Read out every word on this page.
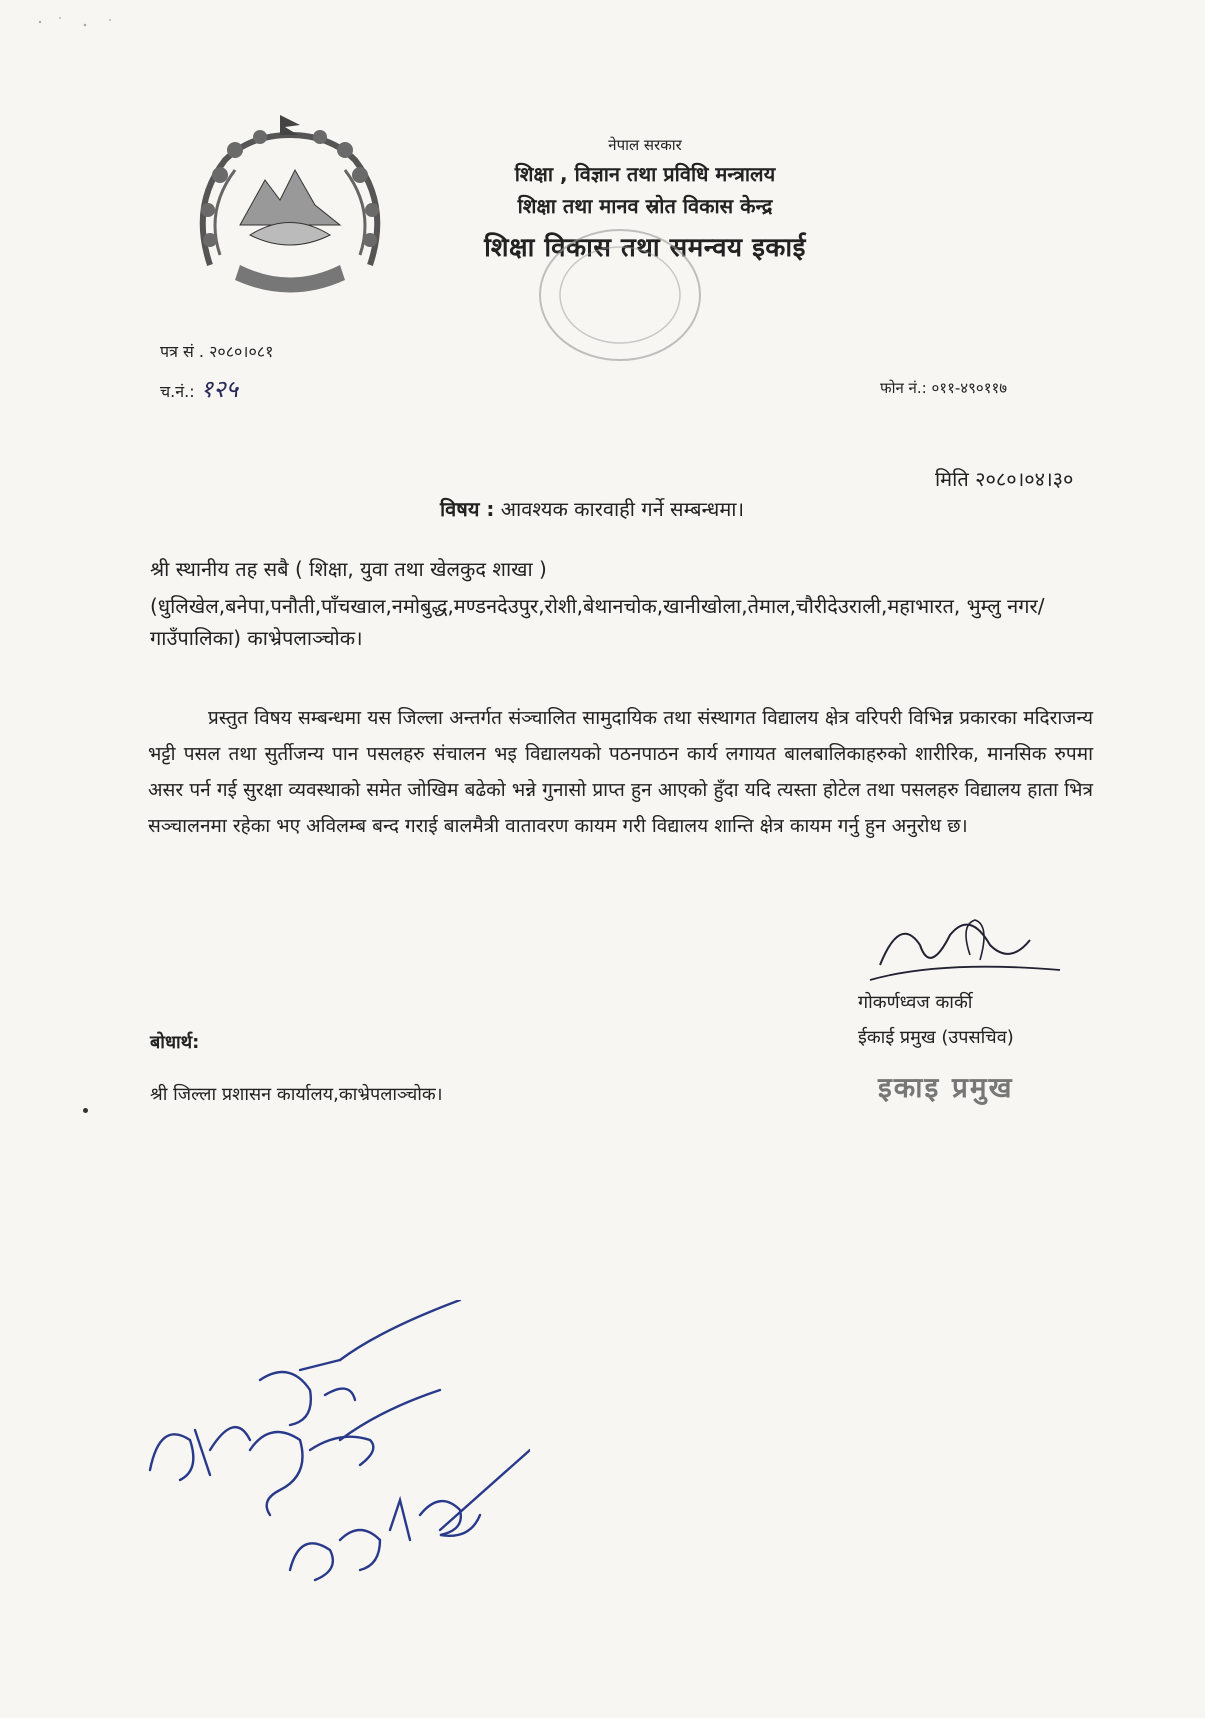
नेपाल सरकार
शिक्षा , विज्ञान तथा प्रविधि मन्त्रालय
शिक्षा तथा मानव स्रोत विकास केन्द्र
शिक्षा विकास तथा समन्वय इकाई
पत्र सं . २०८०।०८१
च.नं.: १२५	फोन नं.: ०११-४९०११७
मिति २०८०।०४।३०
विषय : आवश्यक कारवाही गर्ने सम्बन्धमा।
श्री स्थानीय तह सबै ( शिक्षा, युवा तथा खेलकुद शाखा )
(धुलिखेल,बनेपा,पनौती,पाँचखाल,नमोबुद्ध,मण्डनदेउपुर,रोशी,बेथानचोक,खानीखोला,तेमाल,चौरीदेउराली,महाभारत, भुम्लु नगर/गाउँपालिका) काभ्रेपलाञ्चोक।
प्रस्तुत विषय सम्बन्धमा यस जिल्ला अन्तर्गत संञ्चालित सामुदायिक तथा संस्थागत विद्यालय क्षेत्र वरिपरी विभिन्न प्रकारका मदिराजन्य भट्टी पसल तथा सुर्तीजन्य पान पसलहरु संचालन भइ विद्यालयको पठनपाठन कार्य लगायत बालबालिकाहरुको शारीरिक, मानसिक रुपमा असर पर्न गई सुरक्षा व्यवस्थाको समेत जोखिम बढेको भन्ने गुनासो प्राप्त हुन आएको हुँदा यदि त्यस्ता होटेल तथा पसलहरु विद्यालय हाता भित्र सञ्चालनमा रहेका भए अविलम्ब बन्द गराई बालमैत्री वातावरण कायम गरी विद्यालय शान्ति क्षेत्र कायम गर्नु हुन अनुरोध छ।
गोकर्णध्वज कार्की
ईकाई प्रमुख (उपसचिव)
इकाइ प्रमुख
बोधार्थ:
श्री जिल्ला प्रशासन कार्यालय,काभ्रेपलाञ्चोक।
